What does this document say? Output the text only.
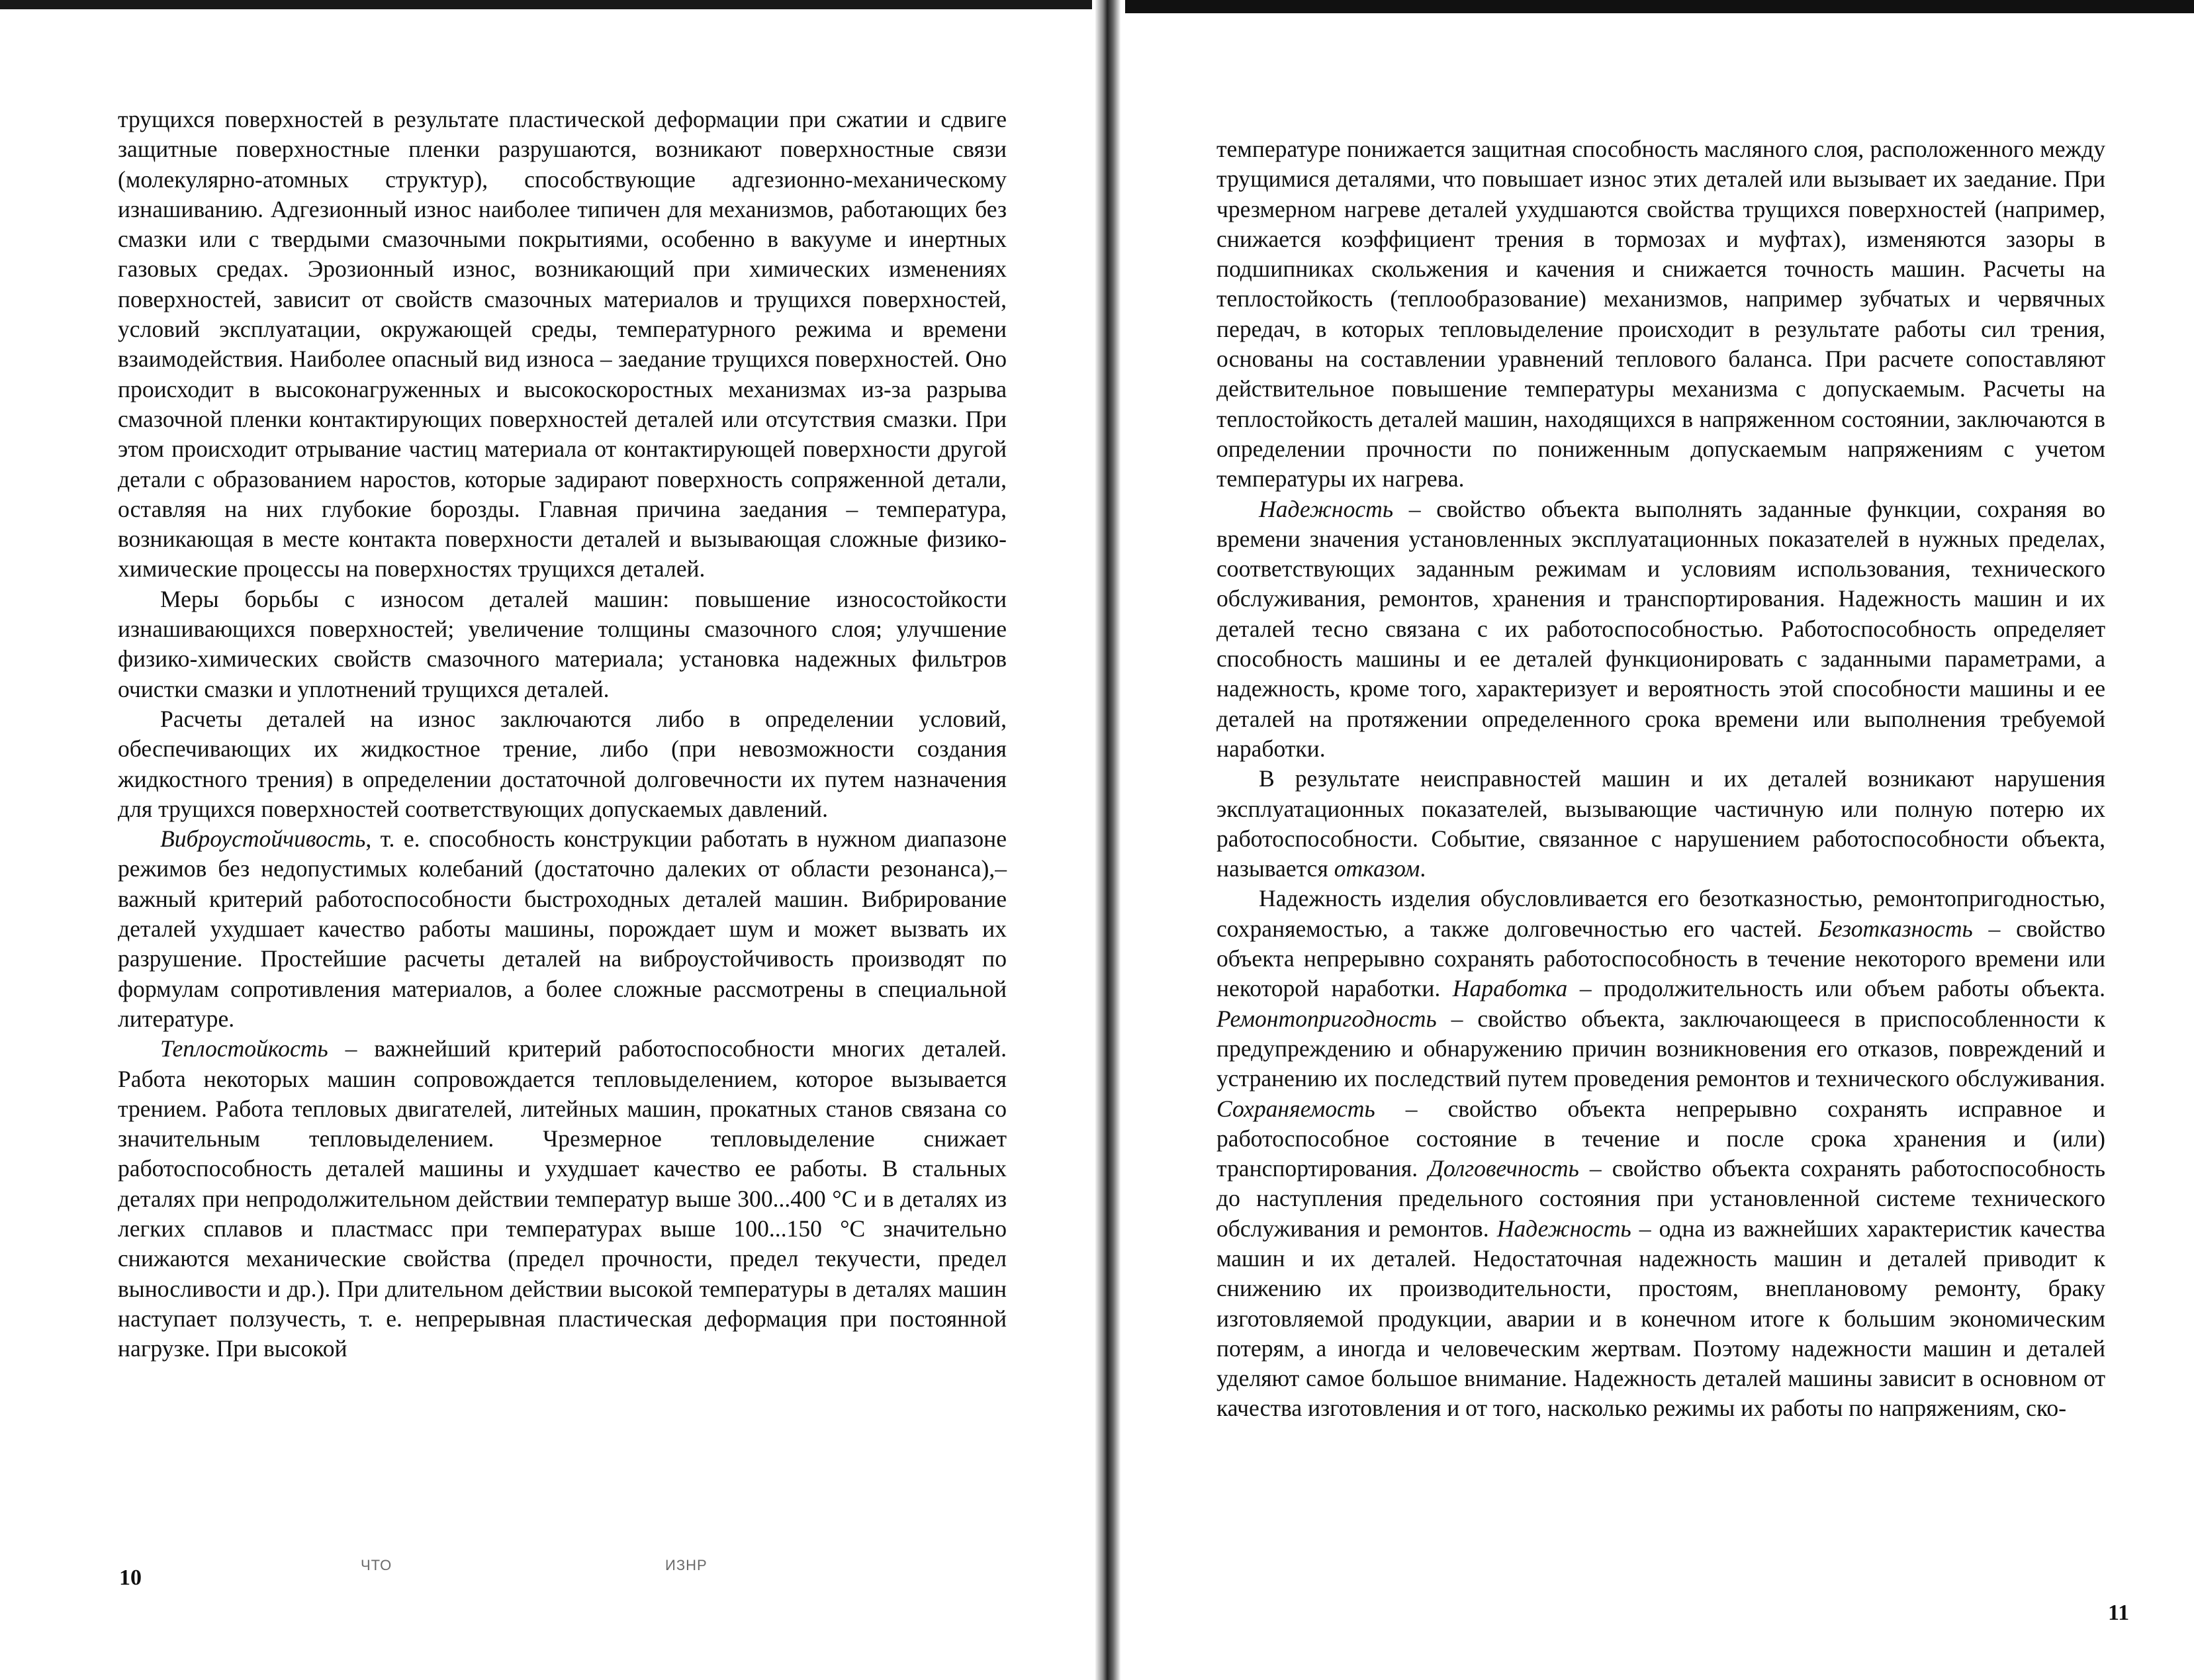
трущихся поверхностей в результате пластической деформации при сжатии и сдвиге защитные поверхностные пленки разрушаются, возникают поверхностные связи (молекулярно-атомных структур), способствующие адгезионно-механическому изнашиванию. Адгезионный износ наиболее типичен для механизмов, работающих без смазки или с твердыми смазочными покрытиями, особенно в вакууме и инертных газовых средах. Эрозионный износ, возникающий при химических изменениях поверхностей, зависит от свойств смазочных материалов и трущихся поверхностей, условий эксплуатации, окружающей среды, температурного режима и времени взаимодействия. Наиболее опасный вид износа – заедание трущихся поверхностей. Оно происходит в высоконагруженных и высокоскоростных механизмах из-за разрыва смазочной пленки контактирующих поверхностей деталей или отсутствия смазки. При этом происходит отрывание частиц материала от контактирующей поверхности другой детали с образованием наростов, которые задирают поверхность сопряженной детали, оставляя на них глубокие борозды. Главная причина заедания – температура, возникающая в месте контакта поверхности деталей и вызывающая сложные физико-химические процессы на поверхностях трущихся деталей.

Меры борьбы с износом деталей машин: повышение износостойкости изнашивающихся поверхностей; увеличение толщины смазочного слоя; улучшение физико-химических свойств смазочного материала; установка надежных фильтров очистки смазки и уплотнений трущихся деталей.

Расчеты деталей на износ заключаются либо в определении условий, обеспечивающих их жидкостное трение, либо (при невозможности создания жидкостного трения) в определении достаточной долговечности их путем назначения для трущихся поверхностей соответствующих допускаемых давлений.

Виброустойчивость, т. е. способность конструкции работать в нужном диапазоне режимов без недопустимых колебаний (достаточно далеких от области резонанса),– важный критерий работоспособности быстроходных деталей машин. Вибрирование деталей ухудшает качество работы машины, порождает шум и может вызвать их разрушение. Простейшие расчеты деталей на виброустойчивость производят по формулам сопротивления материалов, а более сложные рассмотрены в специальной литературе.

Теплостойкость – важнейший критерий работоспособности многих деталей. Работа некоторых машин сопровождается тепловыделением, которое вызывается трением. Работа тепловых двигателей, литейных машин, прокатных станов связана со значительным тепловыделением. Чрезмерное тепловыделение снижает работоспособность деталей машины и ухудшает качество ее работы. В стальных деталях при непродолжительном действии температур выше 300...400 °С и в деталях из легких сплавов и пластмасс при температурах выше 100...150 °С значительно снижаются механические свойства (предел прочности, предел текучести, предел выносливости и др.). При длительном действии высокой температуры в деталях машин наступает ползучесть, т. е. непрерывная пластическая деформация при постоянной нагрузке. При высокой

ЧТО	ИЗНР
10

температуре понижается защитная способность масляного слоя, расположенного между трущимися деталями, что повышает износ этих деталей или вызывает их заедание. При чрезмерном нагреве деталей ухудшаются свойства трущихся поверхностей (например, снижается коэффициент трения в тормозах и муфтах), изменяются зазоры в подшипниках скольжения и качения и снижается точность машин. Расчеты на теплостойкость (теплообразование) механизмов, например зубчатых и червячных передач, в которых тепловыделение происходит в результате работы сил трения, основаны на составлении уравнений теплового баланса. При расчете сопоставляют действительное повышение температуры механизма с допускаемым. Расчеты на теплостойкость деталей машин, находящихся в напряженном состоянии, заключаются в определении прочности по пониженным допускаемым напряжениям с учетом температуры их нагрева.

Надежность – свойство объекта выполнять заданные функции, сохраняя во времени значения установленных эксплуатационных показателей в нужных пределах, соответствующих заданным режимам и условиям использования, технического обслуживания, ремонтов, хранения и транспортирования. Надежность машин и их деталей тесно связана с их работоспособностью. Работоспособность определяет способность машины и ее деталей функционировать с заданными параметрами, а надежность, кроме того, характеризует и вероятность этой способности машины и ее деталей на протяжении определенного срока времени или выполнения требуемой наработки.

В результате неисправностей машин и их деталей возникают нарушения эксплуатационных показателей, вызывающие частичную или полную потерю их работоспособности. Событие, связанное с нарушением работоспособности объекта, называется отказом.

Надежность изделия обусловливается его безотказностью, ремонтопригодностью, сохраняемостью, а также долговечностью его частей. Безотказность – свойство объекта непрерывно сохранять работоспособность в течение некоторого времени или некоторой наработки. Наработка – продолжительность или объем работы объекта. Ремонтопригодность – свойство объекта, заключающееся в приспособленности к предупреждению и обнаружению причин возникновения его отказов, повреждений и устранению их последствий путем проведения ремонтов и технического обслуживания. Сохраняемость – свойство объекта непрерывно сохранять исправное и работоспособное состояние в течение и после срока хранения и (или) транспортирования. Долговечность – свойство объекта сохранять работоспособность до наступления предельного состояния при установленной системе технического обслуживания и ремонтов. Надежность – одна из важнейших характеристик качества машин и их деталей. Недостаточная надежность машин и деталей приводит к снижению их производительности, простоям, внеплановому ремонту, браку изготовляемой продукции, аварии и в конечном итоге к большим экономическим потерям, а иногда и человеческим жертвам. Поэтому надежности машин и деталей уделяют самое большое внимание. Надежность деталей машины зависит в основном от качества изготовления и от того, насколько режимы их работы по напряжениям, ско-

11
